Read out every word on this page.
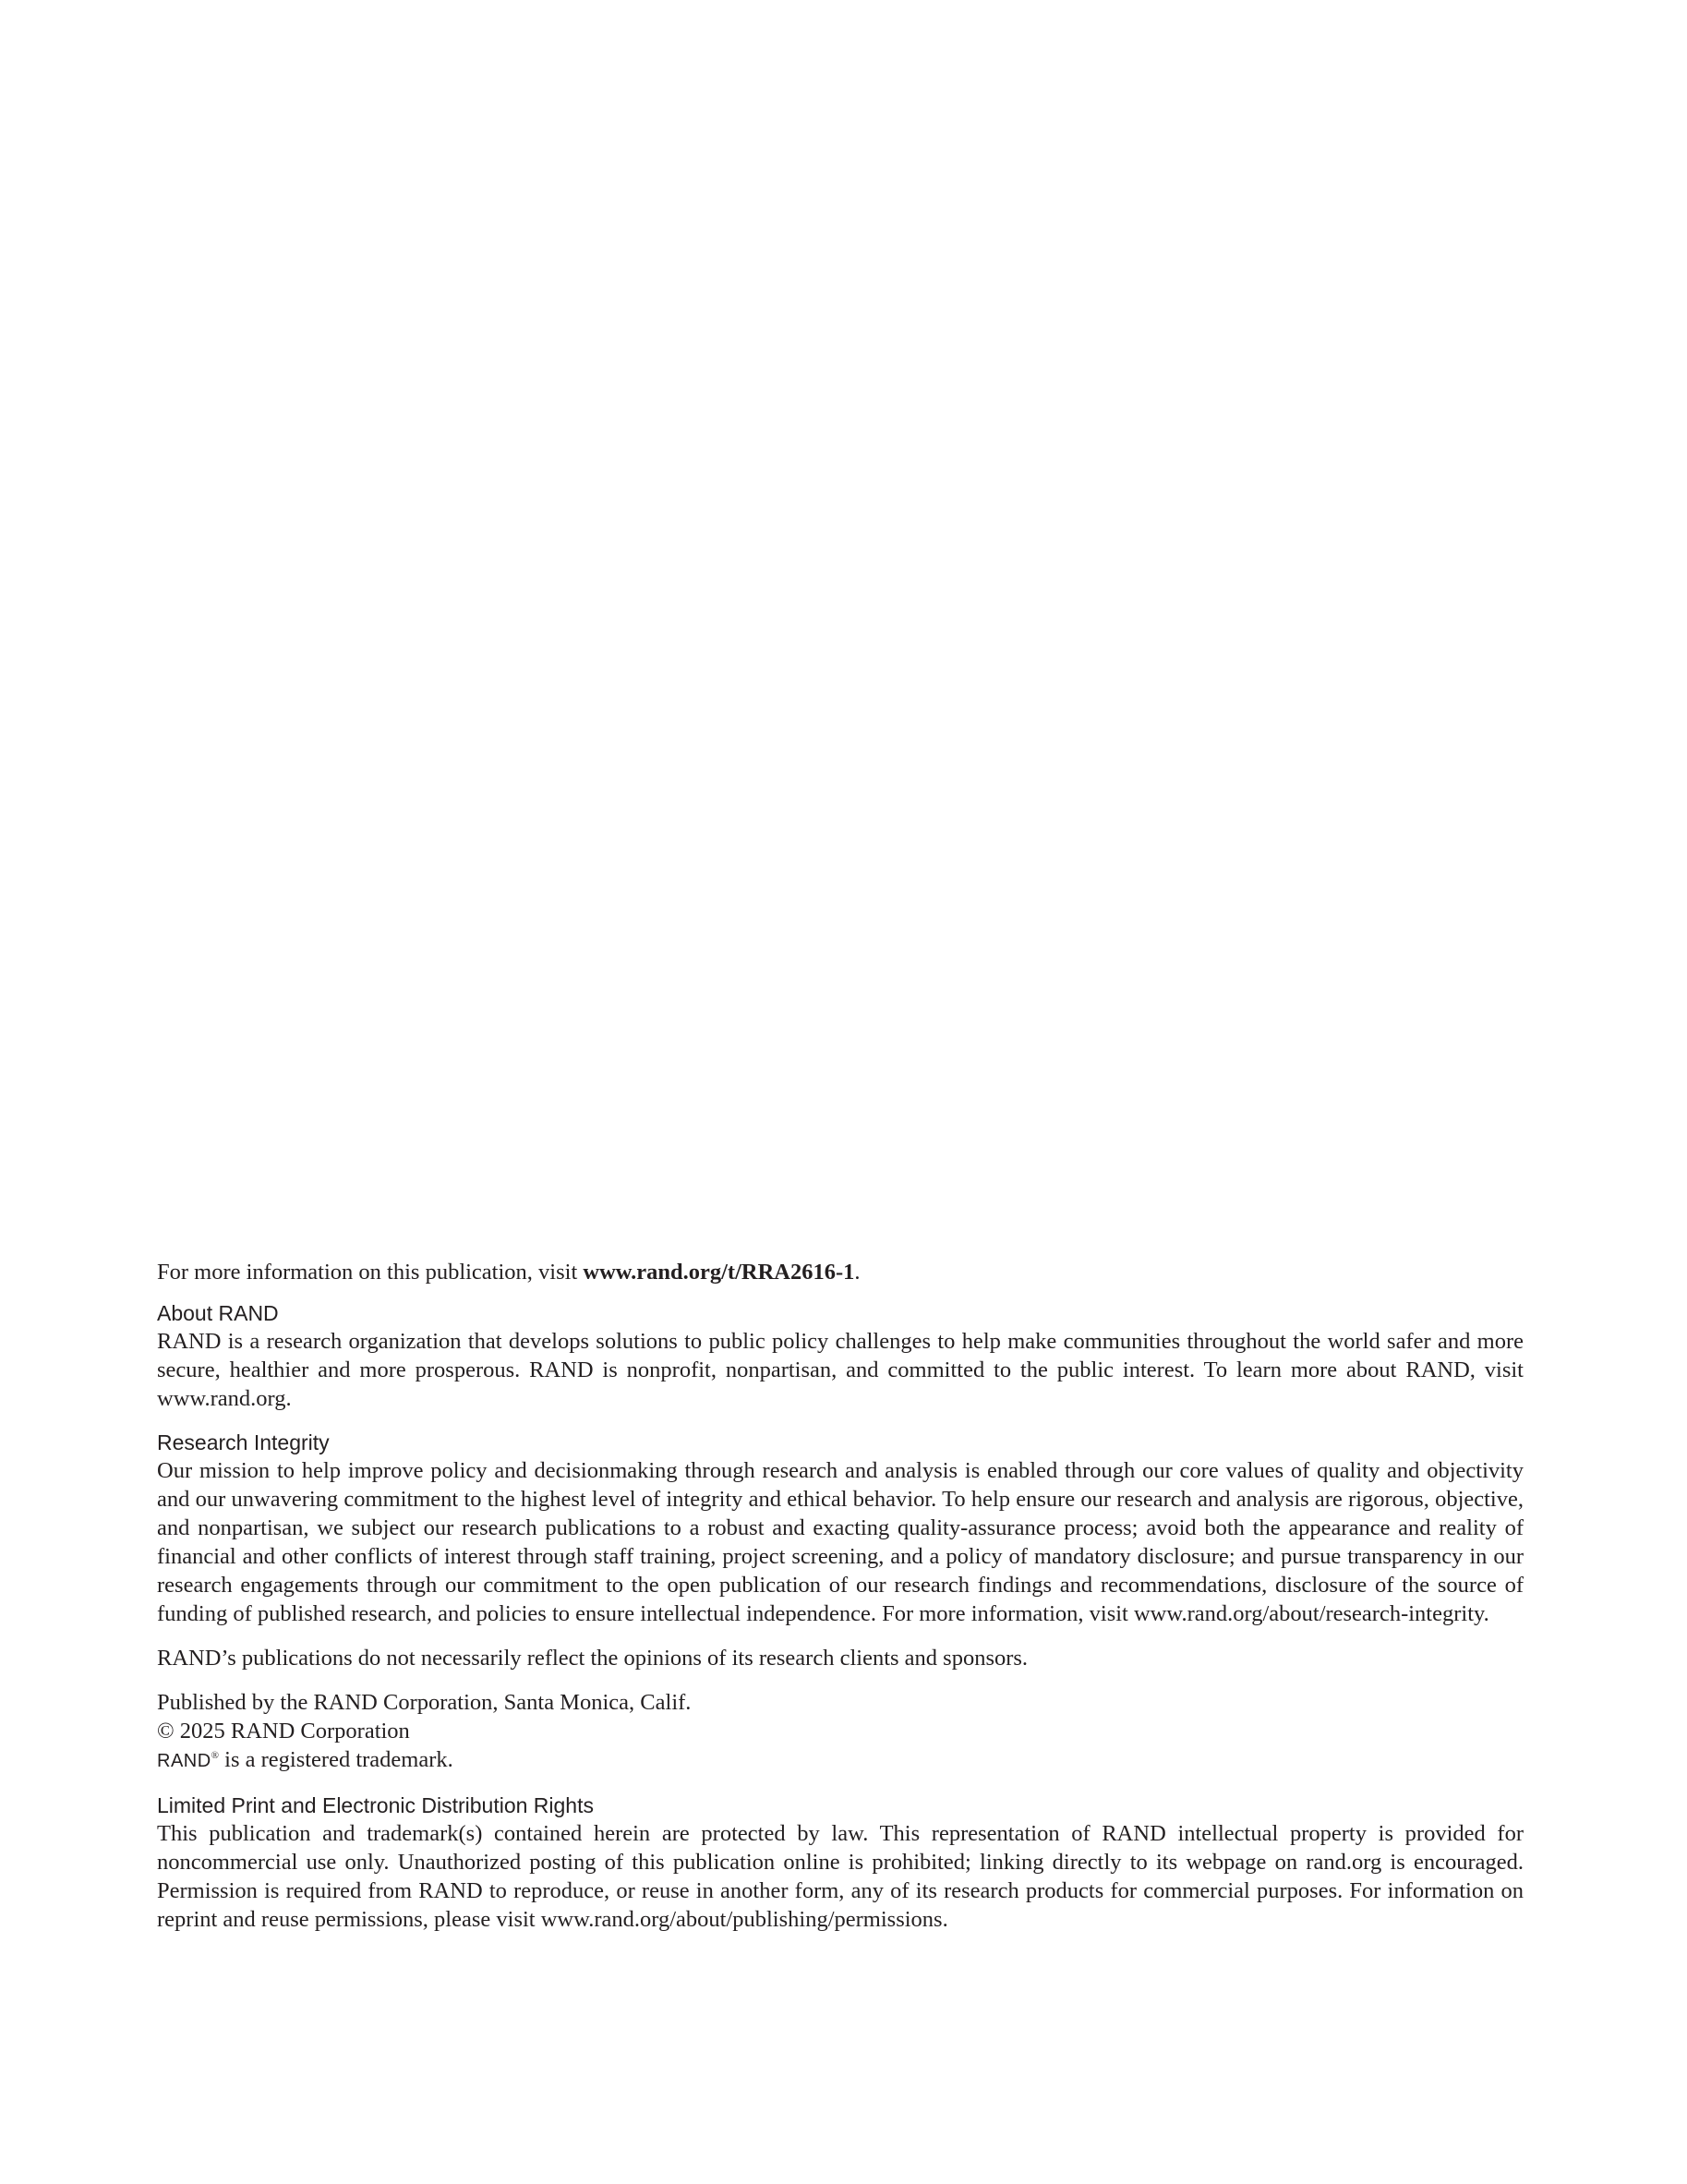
For more information on this publication, visit www.rand.org/t/RRA2616-1.

About RAND

RAND is a research organization that develops solutions to public policy challenges to help make communities throughout the world safer and more secure, healthier and more prosperous. RAND is nonprofit, nonpartisan, and committed to the public interest. To learn more about RAND, visit www.rand.org.

Research Integrity

Our mission to help improve policy and decisionmaking through research and analysis is enabled through our core values of quality and objectivity and our unwavering commitment to the highest level of integrity and ethical behavior. To help ensure our research and analysis are rigorous, objective, and nonpartisan, we subject our research publications to a robust and exacting quality-assurance process; avoid both the appearance and reality of financial and other conflicts of interest through staff training, project screening, and a policy of mandatory disclosure; and pursue transparency in our research engagements through our commitment to the open publication of our research findings and recommendations, disclosure of the source of funding of published research, and policies to ensure intellectual independence. For more information, visit www.rand.org/about/research-integrity.

RAND’s publications do not necessarily reflect the opinions of its research clients and sponsors.

Published by the RAND Corporation, Santa Monica, Calif.

© 2025 RAND Corporation

RAND® is a registered trademark.

Limited Print and Electronic Distribution Rights

This publication and trademark(s) contained herein are protected by law. This representation of RAND intellectual property is provided for noncommercial use only. Unauthorized posting of this publication online is prohibited; linking directly to its webpage on rand.org is encouraged. Permission is required from RAND to reproduce, or reuse in another form, any of its research products for commercial purposes. For information on reprint and reuse permissions, please visit www.rand.org/about/publishing/permissions.
